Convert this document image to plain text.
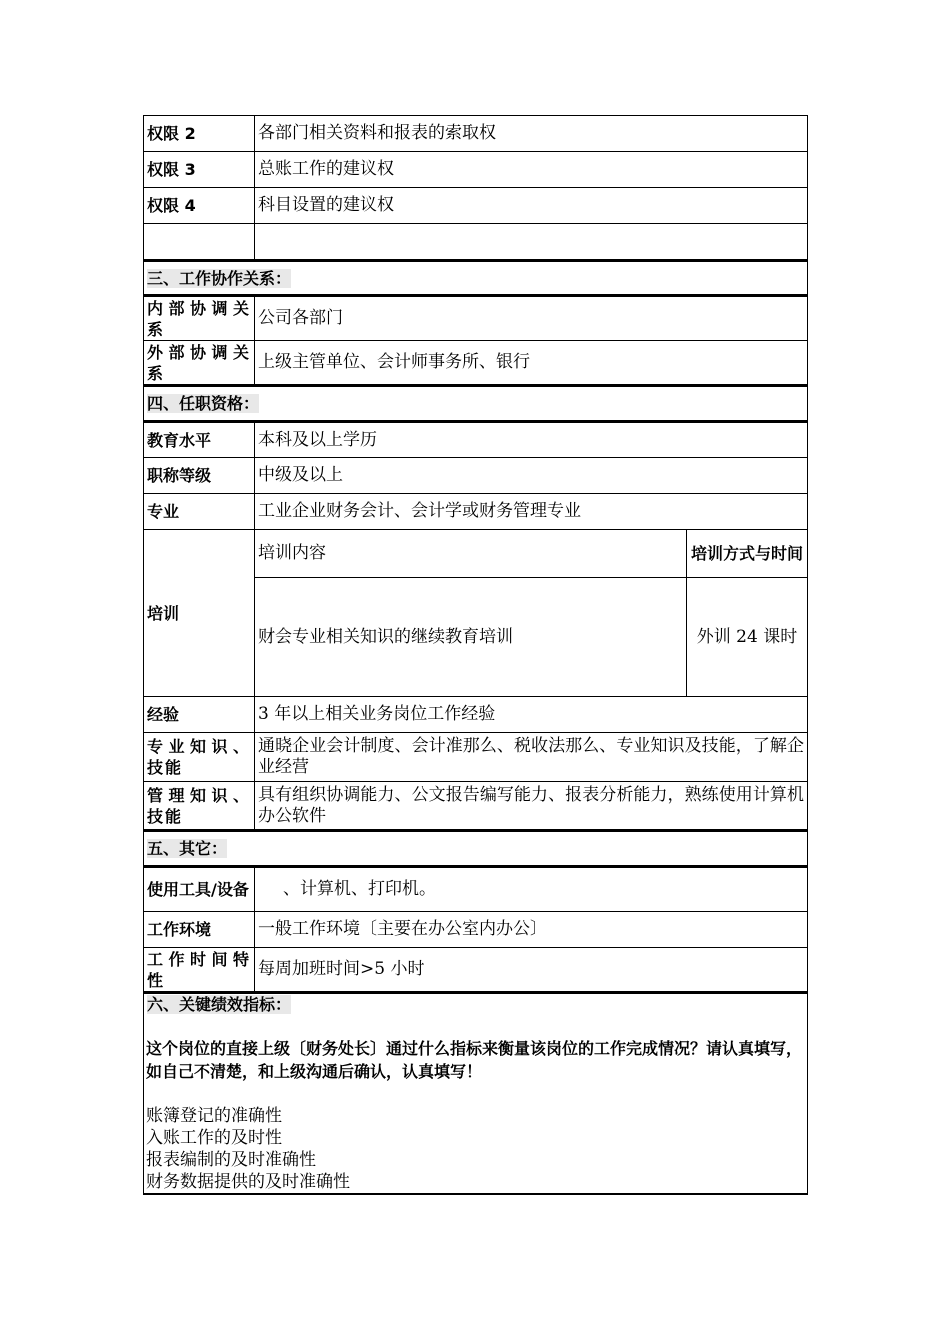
权限 2	各部门相关资料和报表的索取权	
权限 3	总账工作的建议权	
权限 4	科目设置的建议权	

三、工作协作关系：		
内部协调关系	公司各部门	
外部协调关系	上级主管单位、会计师事务所、银行	
四、任职资格：		
教育水平	本科及以上学历	
职称等级	中级及以上	
专业	工业企业财务会计、会计学或财务管理专业	
培训	培训内容	培训方式与时间
	财会专业相关知识的继续教育培训	外训 24 课时
经验	3 年以上相关业务岗位工作经验	
专业知识、技能	通晓企业会计制度、会计准那么、税收法那么、专业知识及技能，了解企业经营	
管理知识、技能	具有组织协调能力、公文报告编写能力、报表分析能力，熟练使用计算机办公软件	
五、其它：		
使用工具/设备	、计算机、打印机。	
工作环境	一般工作环境〔主要在办公室内办公〕	
工作时间特性	每周加班时间>5 小时	
六、关键绩效指标：		

这个岗位的直接上级〔财务处长〕通过什么指标来衡量该岗位的工作完成情况？请认真填写，如自己不清楚，和上级沟通后确认，认真填写！
账簿登记的准确性
入账工作的及时性
报表编制的及时准确性
财务数据提供的及时准确性		
